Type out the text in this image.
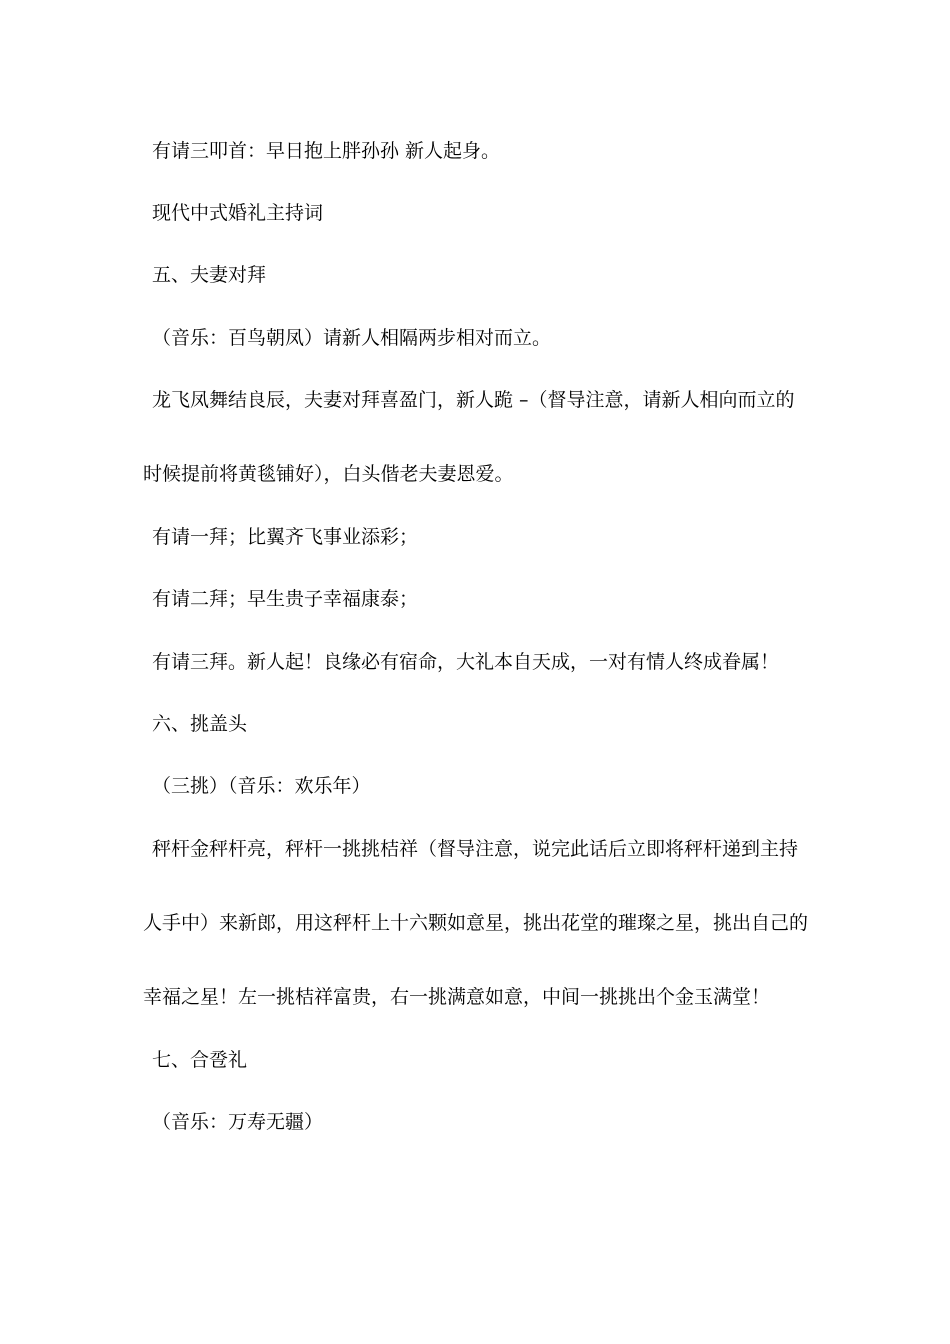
有请三叩首：早日抱上胖孙孙 新人起身。
现代中式婚礼主持词
五、夫妻对拜
（音乐：百鸟朝凤）请新人相隔两步相对而立。
龙飞凤舞结良辰，夫妻对拜喜盈门，新人跪 –（督导注意，请新人相向而立的
时候提前将黄毯铺好），白头偕老夫妻恩爱。
有请一拜；比翼齐飞事业添彩；
有请二拜；早生贵子幸福康泰；
有请三拜。新人起！良缘必有宿命，大礼本自天成，一对有情人终成眷属！
六、挑盖头
（三挑）（音乐：欢乐年）
秤杆金秤杆亮，秤杆一挑挑桔祥（督导注意，说完此话后立即将秤杆递到主持
人手中）来新郎，用这秤杆上十六颗如意星，挑出花堂的璀璨之星，挑出自己的
幸福之星！左一挑桔祥富贵，右一挑满意如意，中间一挑挑出个金玉满堂！
七、合卺礼
（音乐：万寿无疆）
